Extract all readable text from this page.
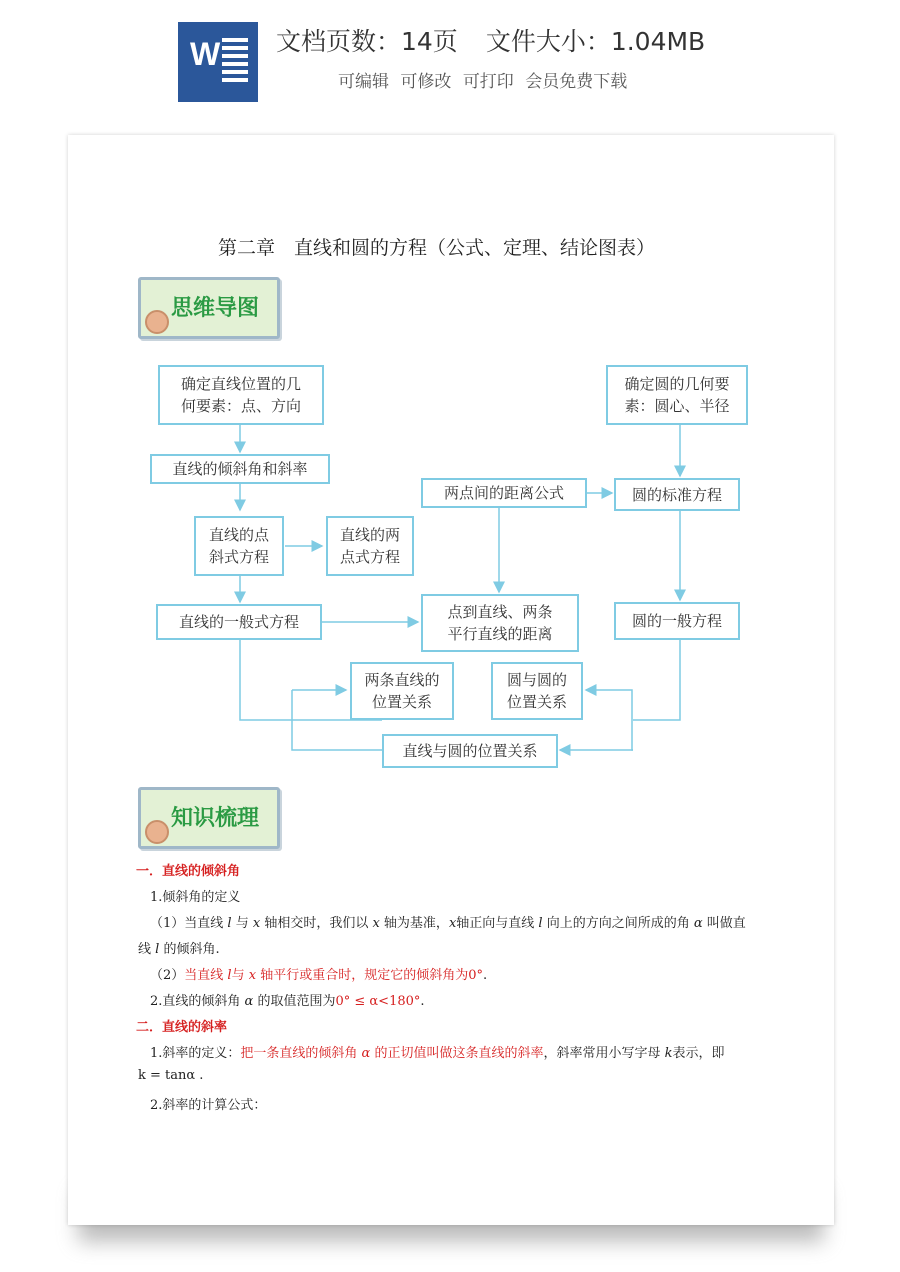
W 文档页数：14页 文件大小：1.04MB
可编辑 可修改 可打印 会员免费下载
第二章　直线和圆的方程（公式、定理、结论图表）
思维导图
确定直线位置的几
何要素：点、方向
直线的倾斜角和斜率
直线的点
斜式方程
直线的两
点式方程
直线的一般式方程
两点间的距离公式
点到直线、两条
平行直线的距离
确定圆的几何要
素：圆心、半径
圆的标准方程
圆的一般方程
两条直线的
位置关系
圆与圆的
位置关系
直线与圆的位置关系
知识梳理
一．直线的倾斜角
1.倾斜角的定义
（1）当直线 l 与 x 轴相交时，我们以 x 轴为基准，x轴正向与直线 l 向上的方向之间所成的角 α 叫做直
线 l 的倾斜角.
（2）当直线 l与 x 轴平行或重合时，规定它的倾斜角为0°.
2.直线的倾斜角 α 的取值范围为0° ≤ α<180°.
二．直线的斜率
1.斜率的定义：把一条直线的倾斜角 α 的正切值叫做这条直线的斜率，斜率常用小写字母 k表示，即
k = tanα .
2.斜率的计算公式：
